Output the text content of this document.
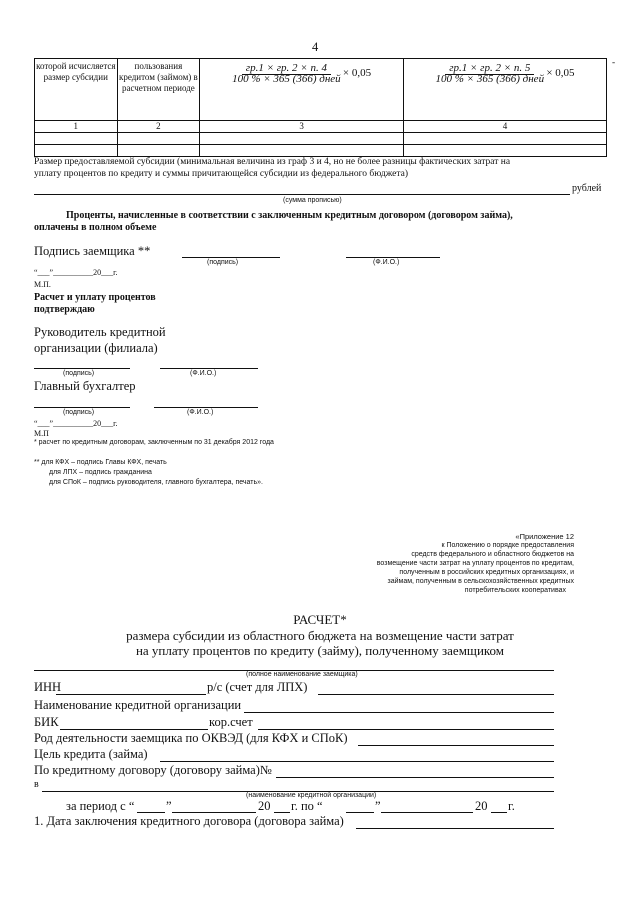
4
-
которой исчисляется размер субсидии	пользования кредитом (займом) в расчетном периоде	$\frac{гр.1 \times гр. 2 \times п. 4}{\text{100 \% × 365 (366) дней}} \times 0,05$	$\frac{гр.1 \times гр. 2 \times п. 5}{\text{100 \% × 365 (366) дней}} \times 0,05$

1	2	3	4

Размер предоставляемой субсидии (минимальная величина из граф 3 и 4, но не более разницы фактических затрат на
уплату процентов по кредиту и суммы причитающейся субсидии из федерального бюджета)
рублей
(сумма прописью)
Проценты, начисленные в соответствии с заключенным кредитным договором (договором займа),
оплачены в полном объеме
Подпись заемщика **
(подпись)	(Ф.И.О.)
“___”__________20___г.
М.П.
Расчет и уплату процентов
подтверждаю
Руководитель кредитной
организации (филиала)
(подпись)	(Ф.И.О.)
Главный бухгалтер
(подпись)	(Ф.И.О.)
“___”__________20___г.
М.П
* расчет по кредитным договорам, заключенным по 31 декабря 2012 года
** для КФХ – подпись Главы КФХ, печать
для ЛПХ – подпись гражданина
для СПоК – подпись руководителя, главного бухгалтера, печать».
«Приложение 12
к Положению о порядке предоставления
средств федерального и областного бюджетов на
возмещение части затрат на уплату процентов по кредитам,
полученным в российских кредитных организациях, и
займам, полученным в сельскохозяйственных кредитных
потребительских кооперативах
РАСЧЕТ*
размера субсидии из областного бюджета на возмещение части затрат
на уплату процентов по кредиту (займу), полученному заемщиком
(полное наименование заемщика)
ИНН	р/с (счет для ЛПХ)
Наименование кредитной организации
БИК	кор.счет
Род деятельности заемщика по ОКВЭД (для КФХ и СПоК)
Цель кредита (займа)
По кредитному договору (договору займа)№
в
(наименование кредитной организации)
за период с “	”	20 г. по “	”	20 г.
1. Дата заключения кредитного договора (договора займа)
